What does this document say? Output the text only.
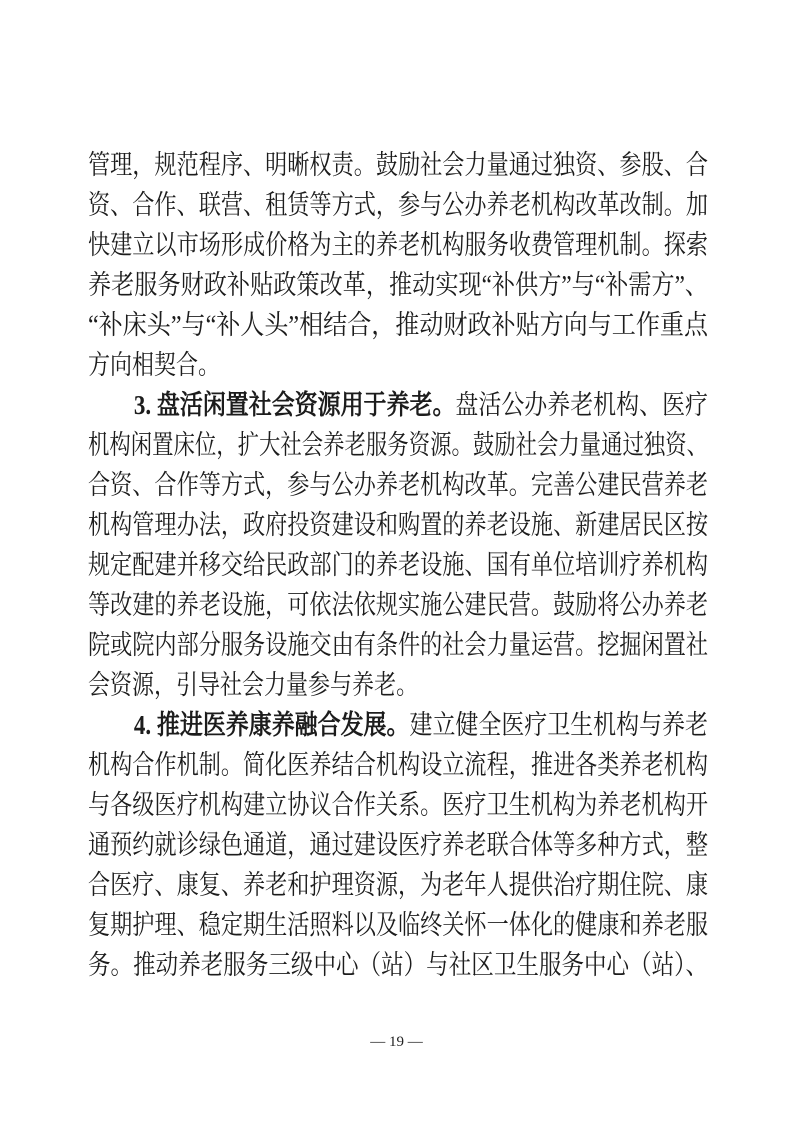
管理，规范程序、明晰权责。鼓励社会力量通过独资、参股、合
资、合作、联营、租赁等方式，参与公办养老机构改革改制。加
快建立以市场形成价格为主的养老机构服务收费管理机制。探索
养老服务财政补贴政策改革，推动实现“补供方”与“补需方”、
“补床头”与“补人头”相结合，推动财政补贴方向与工作重点
方向相契合。
3. 盘活闲置社会资源用于养老。盘活公办养老机构、医疗
机构闲置床位，扩大社会养老服务资源。鼓励社会力量通过独资、
合资、合作等方式，参与公办养老机构改革。完善公建民营养老
机构管理办法，政府投资建设和购置的养老设施、新建居民区按
规定配建并移交给民政部门的养老设施、国有单位培训疗养机构
等改建的养老设施，可依法依规实施公建民营。鼓励将公办养老
院或院内部分服务设施交由有条件的社会力量运营。挖掘闲置社
会资源，引导社会力量参与养老。
4. 推进医养康养融合发展。建立健全医疗卫生机构与养老
机构合作机制。简化医养结合机构设立流程，推进各类养老机构
与各级医疗机构建立协议合作关系。医疗卫生机构为养老机构开
通预约就诊绿色通道，通过建设医疗养老联合体等多种方式，整
合医疗、康复、养老和护理资源，为老年人提供治疗期住院、康
复期护理、稳定期生活照料以及临终关怀一体化的健康和养老服
务。推动养老服务三级中心（站）与社区卫生服务中心（站）、
— 19 —
